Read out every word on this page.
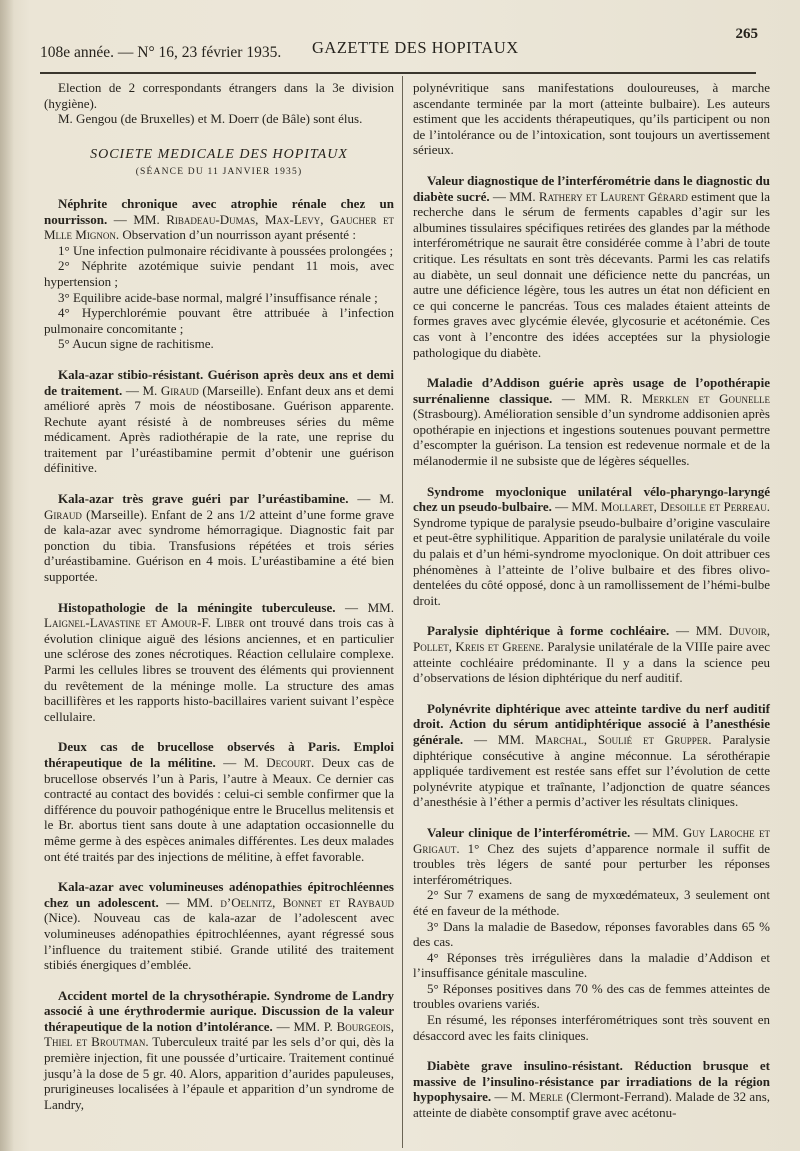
108e année. — N° 16, 23 février 1935. GAZETTE DES HOPITAUX
265

Election de 2 correspondants étrangers dans la 3e division (hygiène).

M. Gengou (de Bruxelles) et M. Doerr (de Bâle) sont élus.

SOCIETE MEDICALE DES HOPITAUX
(SÉANCE DU 11 JANVIER 1935)

Néphrite chronique avec atrophie rénale chez un nourrisson. — MM. Ribadeau-Dumas, Max-Levy, Gaucher et Mlle Mignon. Observation d’un nourrisson ayant présenté :

1° Une infection pulmonaire récidivante à poussées prolongées ;

2° Néphrite azotémique suivie pendant 11 mois, avec hypertension ;

3° Equilibre acide-base normal, malgré l’insuffisance rénale ;

4° Hyperchlorémie pouvant être attribuée à l’infection pulmonaire concomitante ;

5° Aucun signe de rachitisme.

Kala-azar stibio-résistant. Guérison après deux ans et demi de traitement. — M. Giraud (Marseille). Enfant deux ans et demi amélioré après 7 mois de néostibosane. Guérison apparente. Rechute ayant résisté à de nombreuses séries du même médicament. Après radiothérapie de la rate, une reprise du traitement par l’uréastibamine permit d’obtenir une guérison définitive.

Kala-azar très grave guéri par l’uréastibamine. — M. Giraud (Marseille). Enfant de 2 ans 1/2 atteint d’une forme grave de kala-azar avec syndrome hémorragique. Diagnostic fait par ponction du tibia. Transfusions répétées et trois séries d’uréastibamine. Guérison en 4 mois. L’uréastibamine a été bien supportée.

Histopathologie de la méningite tuberculeuse. — MM. Laignel-Lavastine et Amour-F. Liber ont trouvé dans trois cas à évolution clinique aiguë des lésions anciennes, et en particulier une sclérose des zones nécrotiques. Réaction cellulaire complexe. Parmi les cellules libres se trouvent des éléments qui proviennent du revêtement de la méninge molle. La structure des amas bacillifères et les rapports histo-bacillaires varient suivant l’espèce cellulaire.

Deux cas de brucellose observés à Paris. Emploi thérapeutique de la mélitine. — M. Decourt. Deux cas de brucellose observés l’un à Paris, l’autre à Meaux. Ce dernier cas contracté au contact des bovidés : celui-ci semble confirmer que la différence du pouvoir pathogénique entre le Brucellus melitensis et le Br. abortus tient sans doute à une adaptation occasionnelle du même germe à des espèces animales différentes. Les deux malades ont été traités par des injections de mélitine, à effet favorable.

Kala-azar avec volumineuses adénopathies épitrochléennes chez un adolescent. — MM. d’Oelnitz, Bonnet et Raybaud (Nice). Nouveau cas de kala-azar de l’adolescent avec volumineuses adénopathies épitrochléennes, ayant régressé sous l’influence du traitement stibié. Grande utilité des traitement stibiés énergiques d’emblée.

Accident mortel de la chrysothérapie. Syndrome de Landry associé à une érythrodermie aurique. Discussion de la valeur thérapeutique de la notion d’intolérance. — MM. P. Bourgeois, Thiel et Broutman. Tuberculeux traité par les sels d’or qui, dès la première injection, fit une poussée d’urticaire. Traitement continué jusqu’à la dose de 5 gr. 40. Alors, apparition d’aurides papuleuses, prurigineuses localisées à l’épaule et apparition d’un syndrome de Landry,

polynévritique sans manifestations douloureuses, à marche ascendante terminée par la mort (atteinte bulbaire). Les auteurs estiment que les accidents thérapeutiques, qu’ils participent ou non de l’intolérance ou de l’intoxication, sont toujours un avertissement sérieux.

Valeur diagnostique de l’interférométrie dans le diagnostic du diabète sucré. — MM. Rathery et Laurent Gérard estiment que la recherche dans le sérum de ferments capables d’agir sur les albumines tissulaires spécifiques retirées des glandes par la méthode interférométrique ne saurait être considérée comme à l’abri de toute critique. Les résultats en sont très décevants. Parmi les cas relatifs au diabète, un seul donnait une déficience nette du pancréas, un autre une déficience légère, tous les autres un état non déficient en ce qui concerne le pancréas. Tous ces malades étaient atteints de formes graves avec glycémie élevée, glycosurie et acétonémie. Ces cas vont à l’encontre des idées acceptées sur la physiologie pathologique du diabète.

Maladie d’Addison guérie après usage de l’opothérapie surrénalienne classique. — MM. R. Merklen et Gounelle (Strasbourg). Amélioration sensible d’un syndrome addisonien après opothérapie en injections et ingestions soutenues pouvant permettre d’escompter la guérison. La tension est redevenue normale et de la mélanodermie il ne subsiste que de légères séquelles.

Syndrome myoclonique unilatéral vélo-pharyngo-laryngé chez un pseudo-bulbaire. — MM. Mollaret, Desoille et Perreau. Syndrome typique de paralysie pseudo-bulbaire d’origine vasculaire et peut-être syphilitique. Apparition de paralysie unilatérale du voile du palais et d’un hémi-syndrome myoclonique. On doit attribuer ces phénomènes à l’atteinte de l’olive bulbaire et des fibres olivo-dentelées du côté opposé, donc à un ramollissement de l’hémi-bulbe droit.

Paralysie diphtérique à forme cochléaire. — MM. Duvoir, Pollet, Kreis et Greene. Paralysie unilatérale de la VIIIe paire avec atteinte cochléaire prédominante. Il y a dans la science peu d’observations de lésion diphtérique du nerf auditif.

Polynévrite diphtérique avec atteinte tardive du nerf auditif droit. Action du sérum antidiphtérique associé à l’anesthésie générale. — MM. Marchal, Soulié et Grupper. Paralysie diphtérique consécutive à angine méconnue. La sérothérapie appliquée tardivement est restée sans effet sur l’évolution de cette polynévrite atypique et traînante, l’adjonction de quatre séances d’anesthésie à l’éther a permis d’activer les résultats cliniques.

Valeur clinique de l’interférométrie. — MM. Guy Laroche et Grigaut. 1° Chez des sujets d’apparence normale il suffit de troubles très légers de santé pour perturber les réponses interférométriques.

2° Sur 7 examens de sang de myxœdémateux, 3 seulement ont été en faveur de la méthode.

3° Dans la maladie de Basedow, réponses favorables dans 65 % des cas.

4° Réponses très irrégulières dans la maladie d’Addison et l’insuffisance génitale masculine.

5° Réponses positives dans 70 % des cas de femmes atteintes de troubles ovariens variés.

En résumé, les réponses interférométriques sont très souvent en désaccord avec les faits cliniques.

Diabète grave insulino-résistant. Réduction brusque et massive de l’insulino-résistance par irradiations de la région hypophysaire. — M. Merle (Clermont-Ferrand). Malade de 32 ans, atteinte de diabète consomptif grave avec acétonu-
